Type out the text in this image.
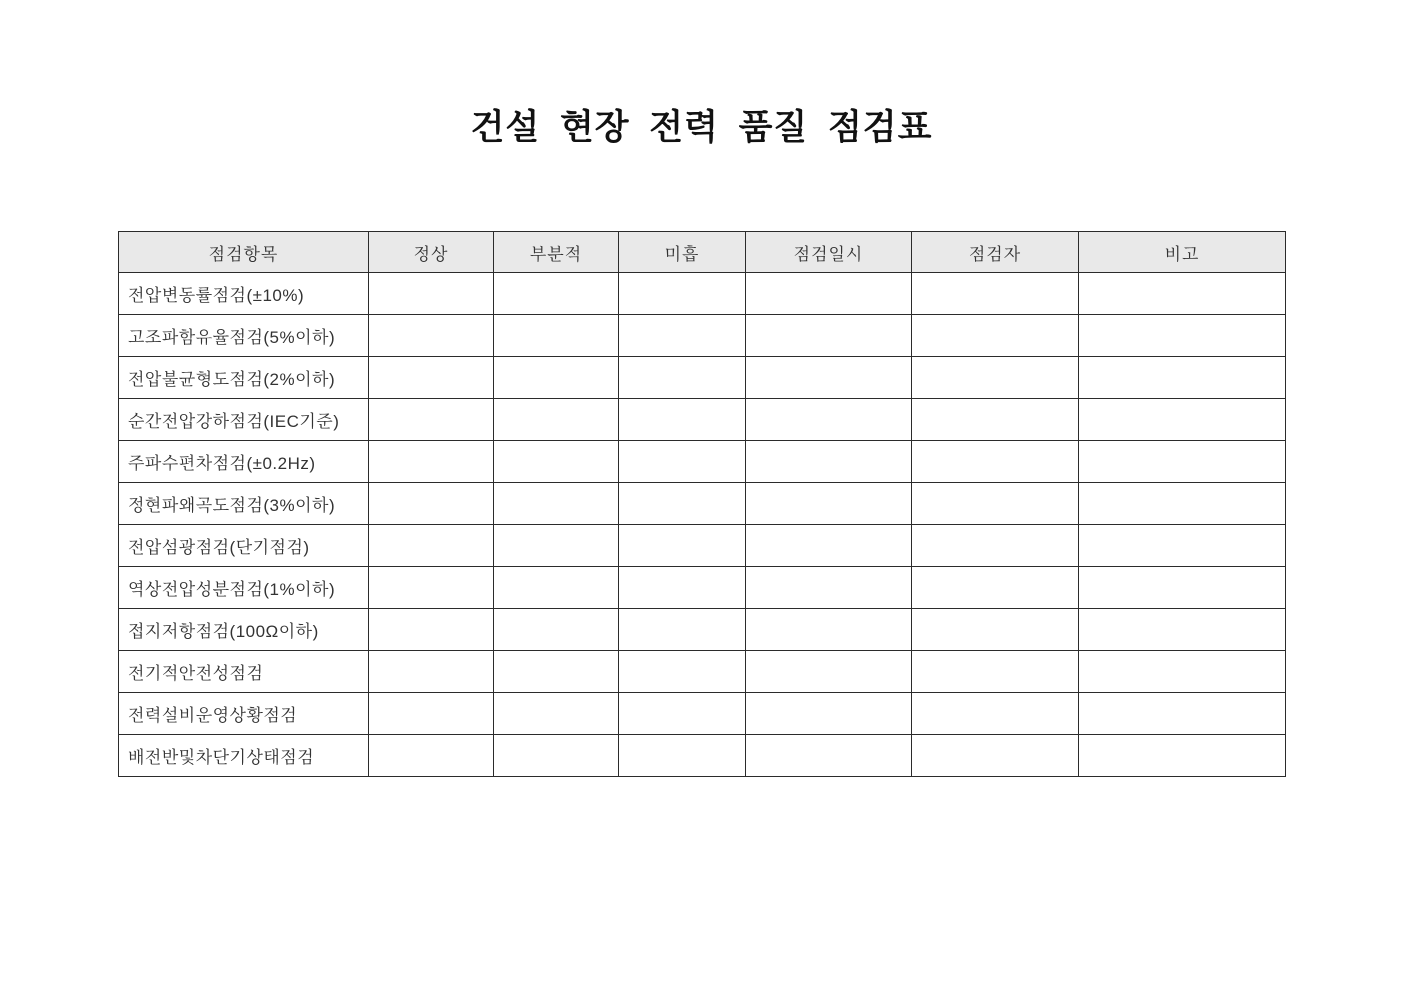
건설 현장 전력 품질 점검표
점검항목	정상	부분적	미흡	점검일시	점검자	비고
전압변동률점검(±10%)						
고조파함유율점검(5%이하)						
전압불균형도점검(2%이하)						
순간전압강하점검(IEC기준)						
주파수편차점검(±0.2Hz)						
정현파왜곡도점검(3%이하)						
전압섬광점검(단기점검)						
역상전압성분점검(1%이하)						
접지저항점검(100Ω이하)						
전기적안전성점검						
전력설비운영상황점검						
배전반및차단기상태점검						
